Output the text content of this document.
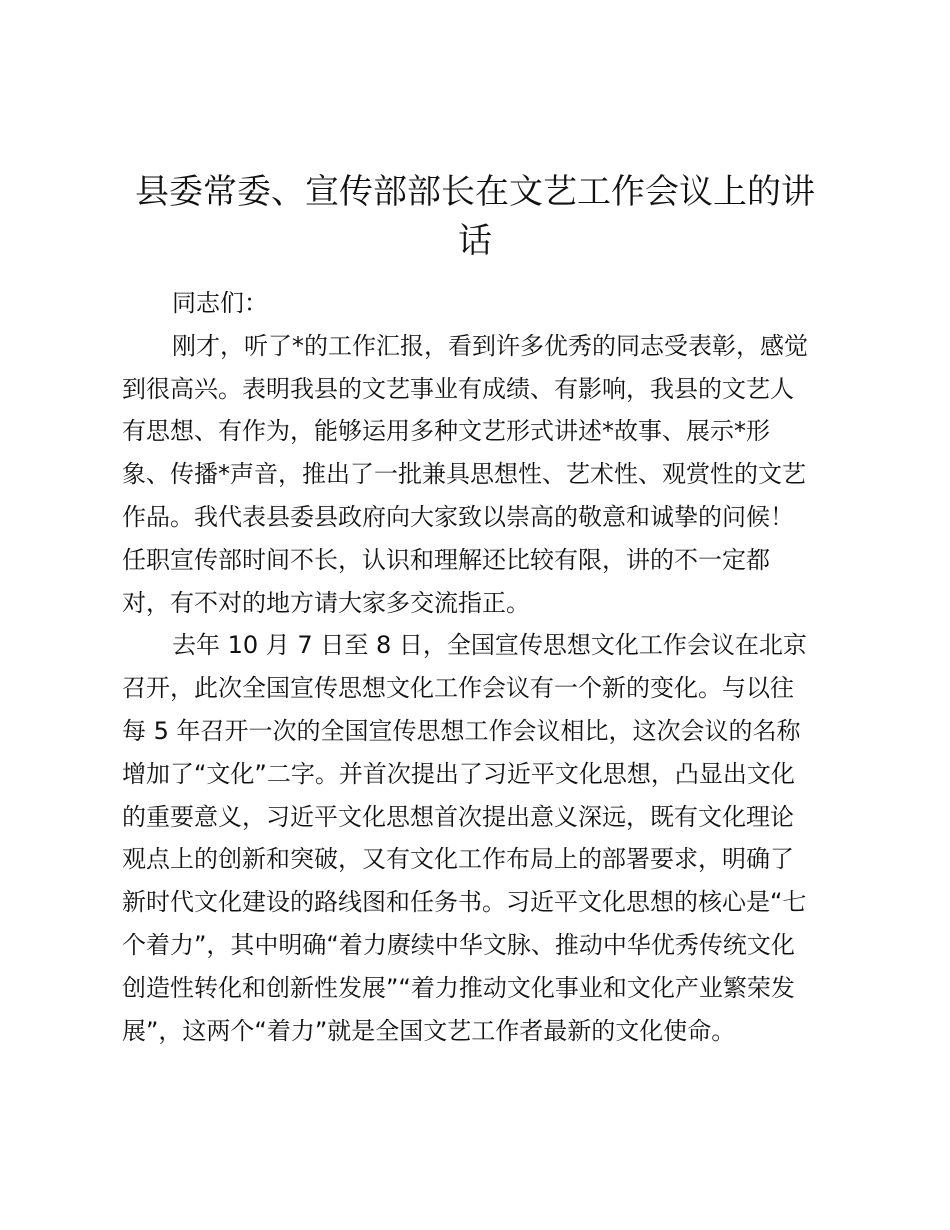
县委常委、宣传部部长在文艺工作会议上的讲
话

同志们：

刚才，听了*的工作汇报，看到许多优秀的同志受表彰，感觉
到很高兴。表明我县的文艺事业有成绩、有影响，我县的文艺人
有思想、有作为，能够运用多种文艺形式讲述*故事、展示*形
象、传播*声音，推出了一批兼具思想性、艺术性、观赏性的文艺
作品。我代表县委县政府向大家致以崇高的敬意和诚挚的问候！
任职宣传部时间不长，认识和理解还比较有限，讲的不一定都
对，有不对的地方请大家多交流指正。

去年 10 月 7 日至 8 日，全国宣传思想文化工作会议在北京
召开，此次全国宣传思想文化工作会议有一个新的变化。与以往
每 5 年召开一次的全国宣传思想工作会议相比，这次会议的名称
增加了“文化”二字。并首次提出了习近平文化思想，凸显出文化
的重要意义，习近平文化思想首次提出意义深远，既有文化理论
观点上的创新和突破，又有文化工作布局上的部署要求，明确了
新时代文化建设的路线图和任务书。习近平文化思想的核心是“七
个着力”，其中明确“着力赓续中华文脉、推动中华优秀传统文化
创造性转化和创新性发展”“着力推动文化事业和文化产业繁荣发
展”，这两个“着力”就是全国文艺工作者最新的文化使命。
